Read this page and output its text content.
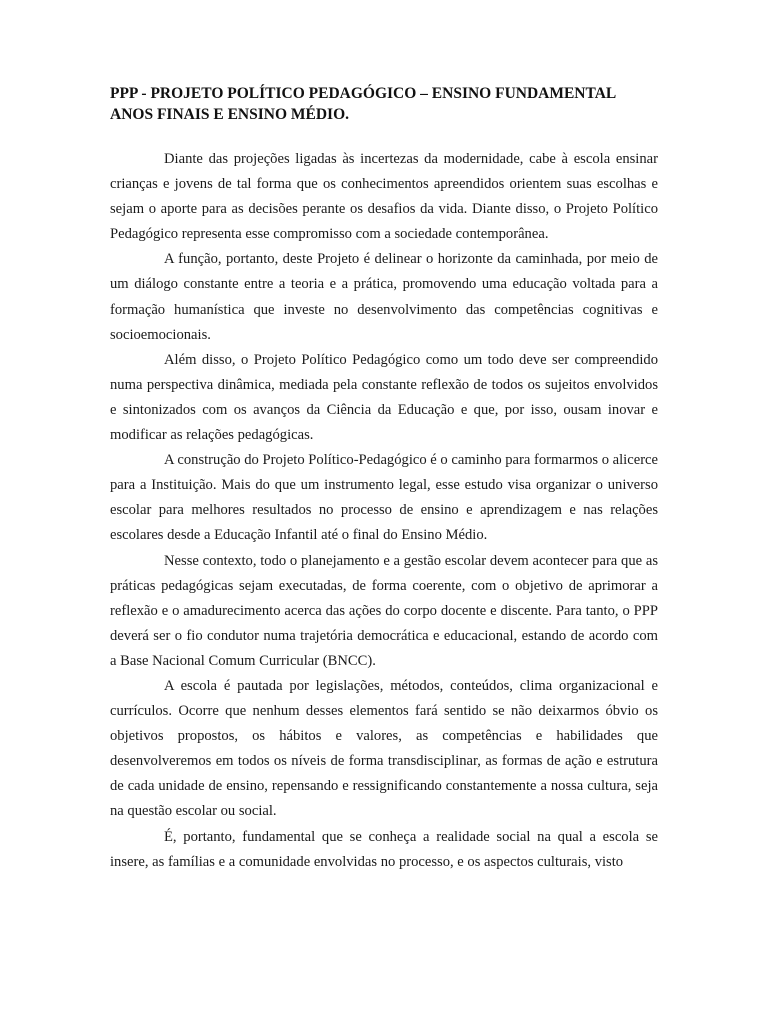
PPP - PROJETO POLÍTICO PEDAGÓGICO – ENSINO FUNDAMENTAL
ANOS FINAIS E ENSINO MÉDIO.

Diante das projeções ligadas às incertezas da modernidade, cabe à escola ensinar crianças e jovens de tal forma que os conhecimentos apreendidos orientem suas escolhas e sejam o aporte para as decisões perante os desafios da vida. Diante disso, o Projeto Político Pedagógico representa esse compromisso com a sociedade contemporânea.

A função, portanto, deste Projeto é delinear o horizonte da caminhada, por meio de um diálogo constante entre a teoria e a prática, promovendo uma educação voltada para a formação humanística que investe no desenvolvimento das competências cognitivas e socioemocionais.

Além disso, o Projeto Político Pedagógico como um todo deve ser compreendido numa perspectiva dinâmica, mediada pela constante reflexão de todos os sujeitos envolvidos e sintonizados com os avanços da Ciência da Educação e que, por isso, ousam inovar e modificar as relações pedagógicas.

A construção do Projeto Político-Pedagógico é o caminho para formarmos o alicerce para a Instituição. Mais do que um instrumento legal, esse estudo visa organizar o universo escolar para melhores resultados no processo de ensino e aprendizagem e nas relações escolares desde a Educação Infantil até o final do Ensino Médio.

Nesse contexto, todo o planejamento e a gestão escolar devem acontecer para que as práticas pedagógicas sejam executadas, de forma coerente, com o objetivo de aprimorar a reflexão e o amadurecimento acerca das ações do corpo docente e discente. Para tanto, o PPP deverá ser o fio condutor numa trajetória democrática e educacional, estando de acordo com a Base Nacional Comum Curricular (BNCC).

A escola é pautada por legislações, métodos, conteúdos, clima organizacional e currículos. Ocorre que nenhum desses elementos fará sentido se não deixarmos óbvio os objetivos propostos, os hábitos e valores, as competências e habilidades que desenvolveremos em todos os níveis de forma transdisciplinar, as formas de ação e estrutura de cada unidade de ensino, repensando e ressignificando constantemente a nossa cultura, seja na questão escolar ou social.

É, portanto, fundamental que se conheça a realidade social na qual a escola se insere, as famílias e a comunidade envolvidas no processo, e os aspectos culturais, visto
